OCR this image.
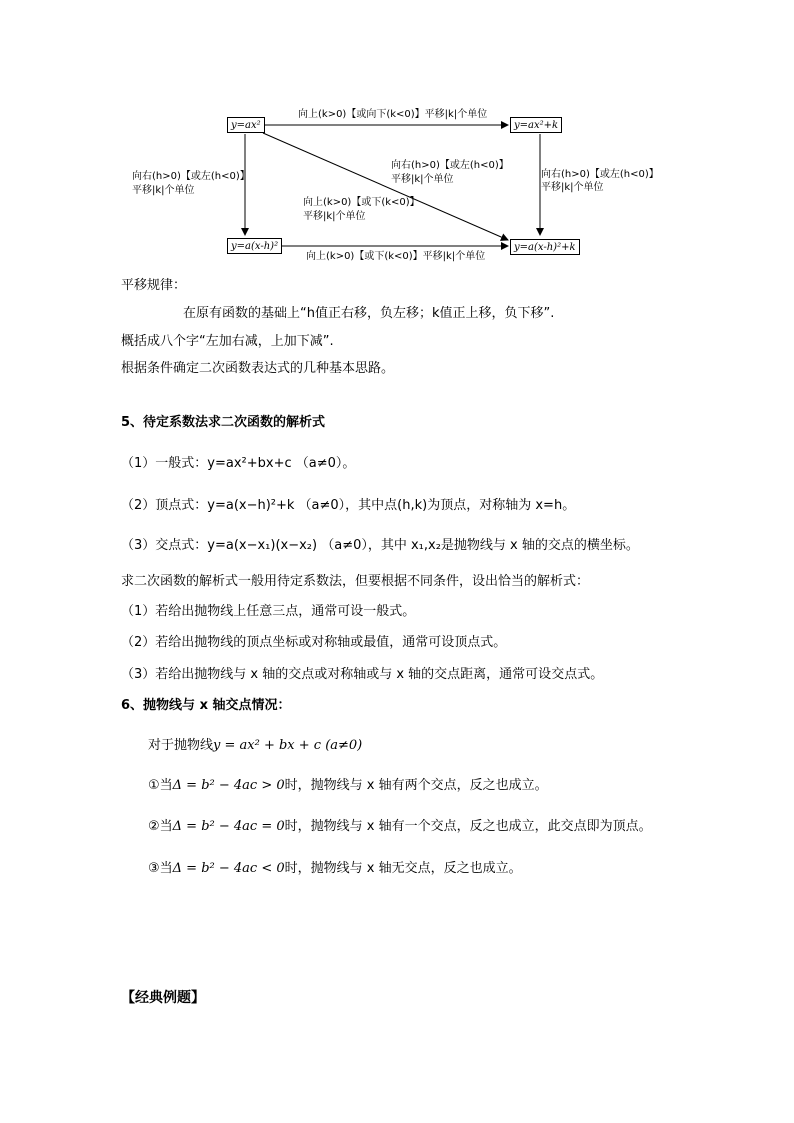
y=ax²	y=ax²+k
y=a(x-h)²	y=a(x-h)²+k
向上(k>0)【或向下(k<0)】平移|k|个单位
向右(h>0)【或左(h<0)】
平移|k|个单位
向右(h>0)【或左(h<0)】
平移|k|个单位
向右(h>0)【或左(h<0)】
平移|k|个单位
向上(k>0)【或下(k<0)】
平移|k|个单位
向上(k>0)【或下(k<0)】平移|k|个单位
平移规律：
在原有函数的基础上“h值正右移，负左移；k值正上移，负下移”.
概括成八个字“左加右减，上加下减”.
根据条件确定二次函数表达式的几种基本思路。
5、待定系数法求二次函数的解析式
（1）一般式：y=ax²+bx+c （a≠0）。
（2）顶点式：y=a(x−h)²+k （a≠0），其中点(h,k)为顶点，对称轴为 x=h。
（3）交点式：y=a(x−x₁)(x−x₂) （a≠0），其中 x₁,x₂是抛物线与 x 轴的交点的横坐标。
求二次函数的解析式一般用待定系数法，但要根据不同条件，设出恰当的解析式：
（1）若给出抛物线上任意三点，通常可设一般式。
（2）若给出抛物线的顶点坐标或对称轴或最值，通常可设顶点式。
（3）若给出抛物线与 x 轴的交点或对称轴或与 x 轴的交点距离，通常可设交点式。
6、抛物线与 x 轴交点情况：
对于抛物线y = ax² + bx + c (a≠0)
①当Δ = b² − 4ac > 0时，抛物线与 x 轴有两个交点，反之也成立。
②当Δ = b² − 4ac = 0时，抛物线与 x 轴有一个交点，反之也成立，此交点即为顶点。
③当Δ = b² − 4ac < 0时，抛物线与 x 轴无交点，反之也成立。
【经典例题】
